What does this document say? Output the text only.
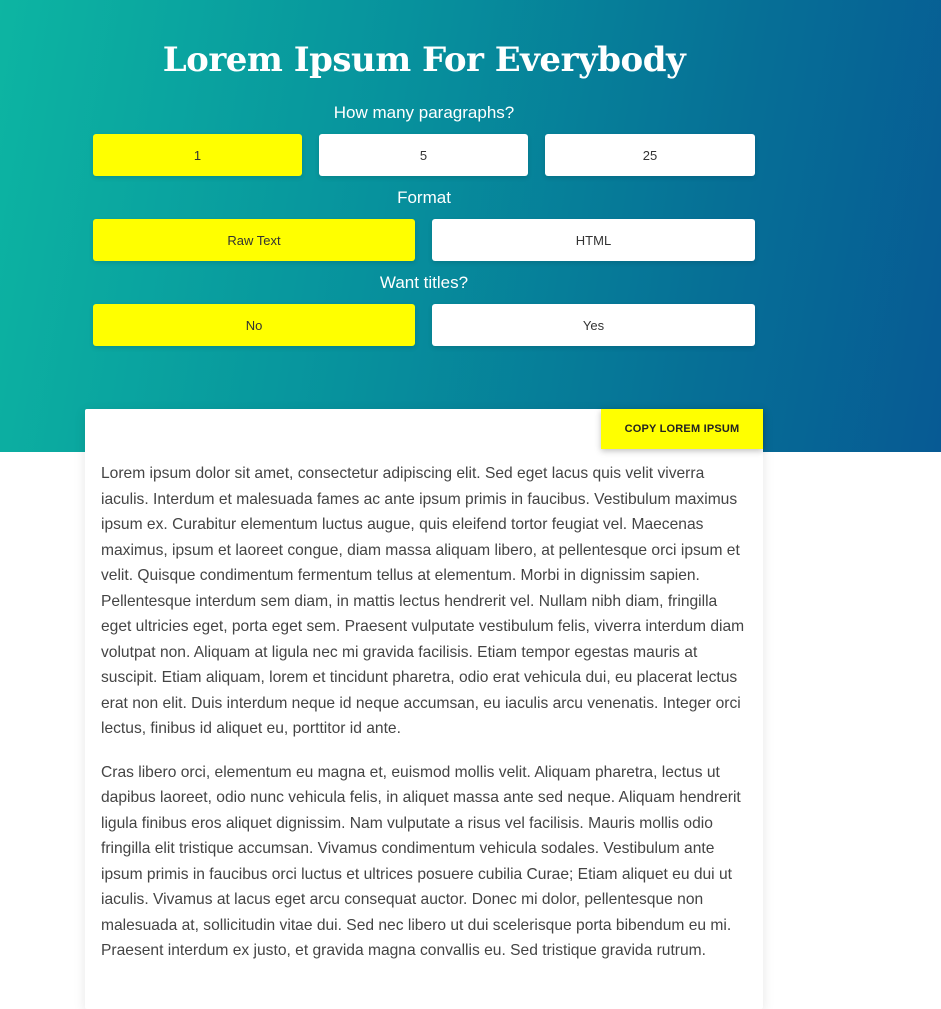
Lorem Ipsum For Everybody
How many paragraphs?
1	5	25
Format
Raw Text	HTML
Want titles?
No	Yes
COPY LOREM IPSUM

Lorem ipsum dolor sit amet, consectetur adipiscing elit. Sed eget lacus quis velit viverra iaculis. Interdum et malesuada fames ac ante ipsum primis in faucibus. Vestibulum maximus ipsum ex. Curabitur elementum luctus augue, quis eleifend tortor feugiat vel. Maecenas maximus, ipsum et laoreet congue, diam massa aliquam libero, at pellentesque orci ipsum et velit. Quisque condimentum fermentum tellus at elementum. Morbi in dignissim sapien. Pellentesque interdum sem diam, in mattis lectus hendrerit vel. Nullam nibh diam, fringilla eget ultricies eget, porta eget sem. Praesent vulputate vestibulum felis, viverra interdum diam volutpat non. Aliquam at ligula nec mi gravida facilisis. Etiam tempor egestas mauris at suscipit. Etiam aliquam, lorem et tincidunt pharetra, odio erat vehicula dui, eu placerat lectus erat non elit. Duis interdum neque id neque accumsan, eu iaculis arcu venenatis. Integer orci lectus, finibus id aliquet eu, porttitor id ante.

Cras libero orci, elementum eu magna et, euismod mollis velit. Aliquam pharetra, lectus ut dapibus laoreet, odio nunc vehicula felis, in aliquet massa ante sed neque. Aliquam hendrerit ligula finibus eros aliquet dignissim. Nam vulputate a risus vel facilisis. Mauris mollis odio fringilla elit tristique accumsan. Vivamus condimentum vehicula sodales. Vestibulum ante ipsum primis in faucibus orci luctus et ultrices posuere cubilia Curae; Etiam aliquet eu dui ut iaculis. Vivamus at lacus eget arcu consequat auctor. Donec mi dolor, pellentesque non malesuada at, sollicitudin vitae dui. Sed nec libero ut dui scelerisque porta bibendum eu mi. Praesent interdum ex justo, et gravida magna convallis eu. Sed tristique gravida rutrum.
